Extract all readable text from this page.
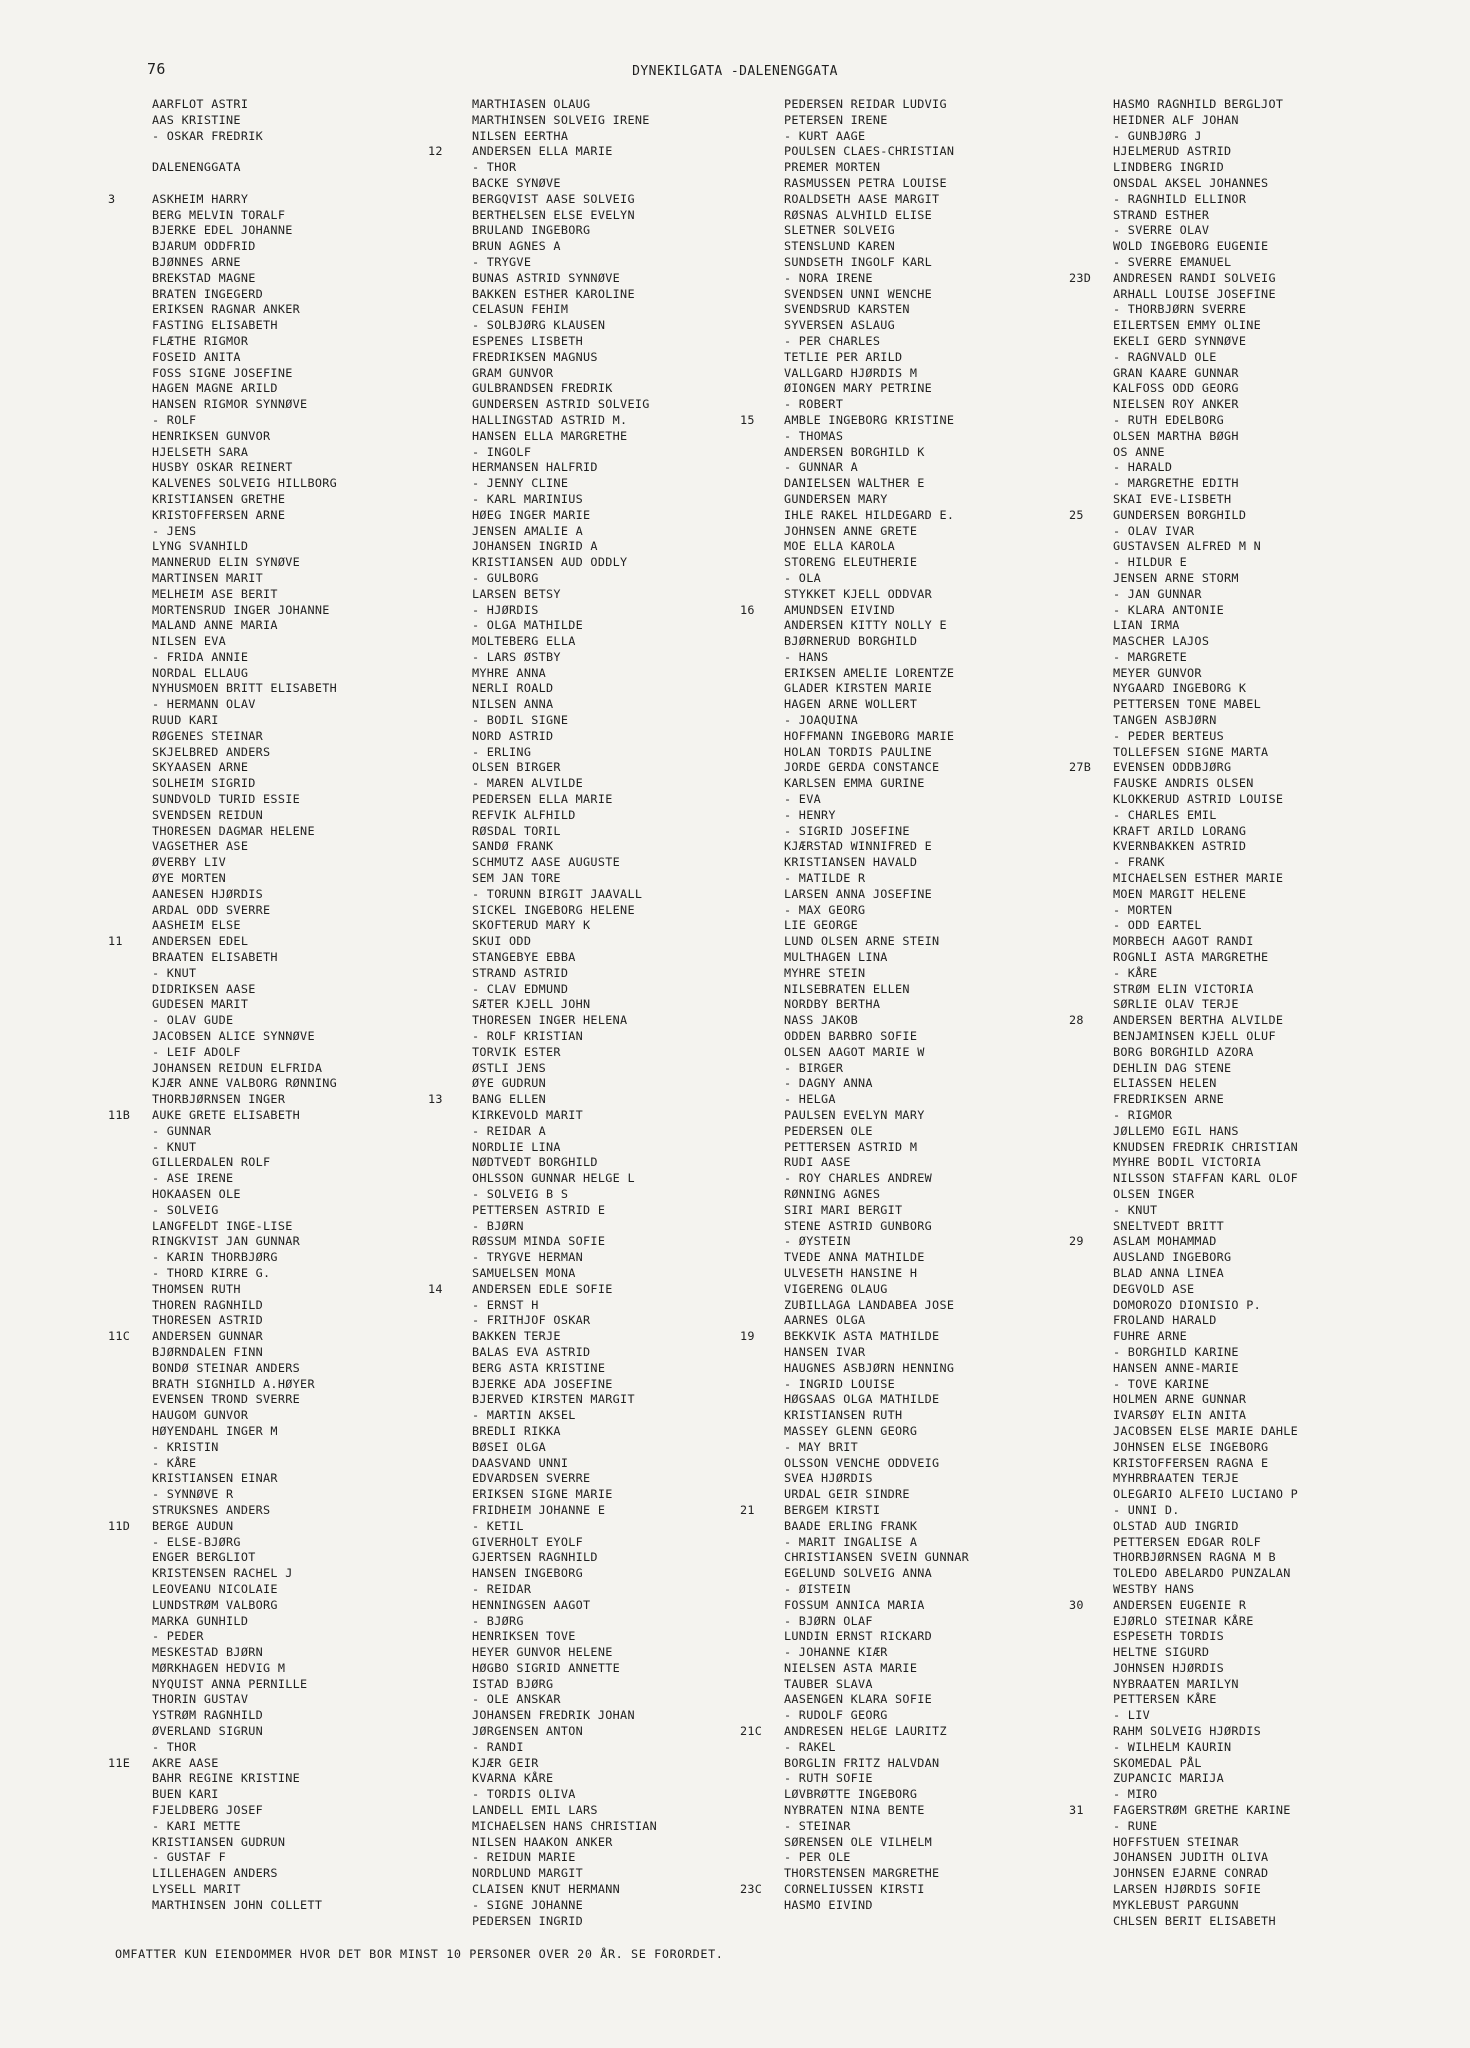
76	DYNEKILGATA -DALENENGGATA
AARFLOT ASTRI
AAS KRISTINE
- OSKAR FREDRIK
DALENENGGATA
3	ASKHEIM HARRY
BERG MELVIN TORALF
BJERKE EDEL JOHANNE
BJARUM ODDFRID
BJØNNES ARNE
BREKSTAD MAGNE
BRATEN INGEGERD
ERIKSEN RAGNAR ANKER
FASTING ELISABETH
FLÆTHE RIGMOR
FOSEID ANITA
FOSS SIGNE JOSEFINE
HAGEN MAGNE ARILD
HANSEN RIGMOR SYNNØVE
- ROLF
HENRIKSEN GUNVOR
HJELSETH SARA
HUSBY OSKAR REINERT
KALVENES SOLVEIG HILLBORG
KRISTIANSEN GRETHE
KRISTOFFERSEN ARNE
- JENS
LYNG SVANHILD
MANNERUD ELIN SYNØVE
MARTINSEN MARIT
MELHEIM ASE BERIT
MORTENSRUD INGER JOHANNE
MALAND ANNE MARIA
NILSEN EVA
- FRIDA ANNIE
NORDAL ELLAUG
NYHUSMOEN BRITT ELISABETH
- HERMANN OLAV
RUUD KARI
RØGENES STEINAR
SKJELBRED ANDERS
SKYAASEN ARNE
SOLHEIM SIGRID
SUNDVOLD TURID ESSIE
SVENDSEN REIDUN
THORESEN DAGMAR HELENE
VAGSETHER ASE
ØVERBY LIV
ØYE MORTEN
AANESEN HJØRDIS
ARDAL ODD SVERRE
AASHEIM ELSE
11	ANDERSEN EDEL
BRAATEN ELISABETH
- KNUT
DIDRIKSEN AASE
GUDESEN MARIT
- OLAV GUDE
JACOBSEN ALICE SYNNØVE
- LEIF ADOLF
JOHANSEN REIDUN ELFRIDA
KJÆR ANNE VALBORG RØNNING
THORBJØRNSEN INGER
11B	AUKE GRETE ELISABETH
- GUNNAR
- KNUT
GILLERDALEN ROLF
- ASE IRENE
HOKAASEN OLE
- SOLVEIG
LANGFELDT INGE-LISE
RINGKVIST JAN GUNNAR
- KARIN THORBJØRG
- THORD KIRRE G.
THOMSEN RUTH
THOREN RAGNHILD
THORESEN ASTRID
11C	ANDERSEN GUNNAR
BJØRNDALEN FINN
BONDØ STEINAR ANDERS
BRATH SIGNHILD A.HØYER
EVENSEN TROND SVERRE
HAUGOM GUNVOR
HØYENDAHL INGER M
- KRISTIN
- KÅRE
KRISTIANSEN EINAR
- SYNNØVE R
STRUKSNES ANDERS
11D	BERGE AUDUN
- ELSE-BJØRG
ENGER BERGLIOT
KRISTENSEN RACHEL J
LEOVEANU NICOLAIE
LUNDSTRØM VALBORG
MARKA GUNHILD
- PEDER
MESKESTAD BJØRN
MØRKHAGEN HEDVIG M
NYQUIST ANNA PERNILLE
THORIN GUSTAV
YSTRØM RAGNHILD
ØVERLAND SIGRUN
- THOR
11E	AKRE AASE
BAHR REGINE KRISTINE
BUEN KARI
FJELDBERG JOSEF
- KARI METTE
KRISTIANSEN GUDRUN
- GUSTAF F
LILLEHAGEN ANDERS
LYSELL MARIT
MARTHINSEN JOHN COLLETT
MARTHIASEN OLAUG
MARTHINSEN SOLVEIG IRENE
NILSEN EERTHA
12	ANDERSEN ELLA MARIE
- THOR
BACKE SYNØVE
BERGQVIST AASE SOLVEIG
BERTHELSEN ELSE EVELYN
BRULAND INGEBORG
BRUN AGNES A
- TRYGVE
BUNAS ASTRID SYNNØVE
BAKKEN ESTHER KAROLINE
CELASUN FEHIM
- SOLBJØRG KLAUSEN
ESPENES LISBETH
FREDRIKSEN MAGNUS
GRAM GUNVOR
GULBRANDSEN FREDRIK
GUNDERSEN ASTRID SOLVEIG
HALLINGSTAD ASTRID M.
HANSEN ELLA MARGRETHE
- INGOLF
HERMANSEN HALFRID
- JENNY CLINE
- KARL MARINIUS
HØEG INGER MARIE
JENSEN AMALIE A
JOHANSEN INGRID A
KRISTIANSEN AUD ODDLY
- GULBORG
LARSEN BETSY
- HJØRDIS
- OLGA MATHILDE
MOLTEBERG ELLA
- LARS ØSTBY
MYHRE ANNA
NERLI ROALD
NILSEN ANNA
- BODIL SIGNE
NORD ASTRID
- ERLING
OLSEN BIRGER
- MAREN ALVILDE
PEDERSEN ELLA MARIE
REFVIK ALFHILD
RØSDAL TORIL
SANDØ FRANK
SCHMUTZ AASE AUGUSTE
SEM JAN TORE
- TORUNN BIRGIT JAAVALL
SICKEL INGEBORG HELENE
SKOFTERUD MARY K
SKUI ODD
STANGEBYE EBBA
STRAND ASTRID
- CLAV EDMUND
SÆTER KJELL JOHN
THORESEN INGER HELENA
- ROLF KRISTIAN
TORVIK ESTER
ØSTLI JENS
ØYE GUDRUN
13	BANG ELLEN
KIRKEVOLD MARIT
- REIDAR A
NORDLIE LINA
NØDTVEDT BORGHILD
OHLSSON GUNNAR HELGE L
- SOLVEIG B S
PETTERSEN ASTRID E
- BJØRN
RØSSUM MINDA SOFIE
- TRYGVE HERMAN
SAMUELSEN MONA
14	ANDERSEN EDLE SOFIE
- ERNST H
- FRITHJOF OSKAR
BAKKEN TERJE
BALAS EVA ASTRID
BERG ASTA KRISTINE
BJERKE ADA JOSEFINE
BJERVED KIRSTEN MARGIT
- MARTIN AKSEL
BREDLI RIKKA
BØSEI OLGA
DAASVAND UNNI
EDVARDSEN SVERRE
ERIKSEN SIGNE MARIE
FRIDHEIM JOHANNE E
- KETIL
GIVERHOLT EYOLF
GJERTSEN RAGNHILD
HANSEN INGEBORG
- REIDAR
HENNINGSEN AAGOT
- BJØRG
HENRIKSEN TOVE
HEYER GUNVOR HELENE
HØGBO SIGRID ANNETTE
ISTAD BJØRG
- OLE ANSKAR
JOHANSEN FREDRIK JOHAN
JØRGENSEN ANTON
- RANDI
KJÆR GEIR
KVARNA KÅRE
- TORDIS OLIVA
LANDELL EMIL LARS
MICHAELSEN HANS CHRISTIAN
NILSEN HAAKON ANKER
- REIDUN MARIE
NORDLUND MARGIT
CLAISEN KNUT HERMANN
- SIGNE JOHANNE
PEDERSEN INGRID
PEDERSEN REIDAR LUDVIG
PETERSEN IRENE
- KURT AAGE
POULSEN CLAES-CHRISTIAN
PREMER MORTEN
RASMUSSEN PETRA LOUISE
ROALDSETH AASE MARGIT
RØSNAS ALVHILD ELISE
SLETNER SOLVEIG
STENSLUND KAREN
SUNDSETH INGOLF KARL
- NORA IRENE
SVENDSEN UNNI WENCHE
SVENDSRUD KARSTEN
SYVERSEN ASLAUG
- PER CHARLES
TETLIE PER ARILD
VALLGARD HJØRDIS M
ØIONGEN MARY PETRINE
- ROBERT
15	AMBLE INGEBORG KRISTINE
- THOMAS
ANDERSEN BORGHILD K
- GUNNAR A
DANIELSEN WALTHER E
GUNDERSEN MARY
IHLE RAKEL HILDEGARD E.
JOHNSEN ANNE GRETE
MOE ELLA KAROLA
STORENG ELEUTHERIE
- OLA
STYKKET KJELL ODDVAR
16	AMUNDSEN EIVIND
ANDERSEN KITTY NOLLY E
BJØRNERUD BORGHILD
- HANS
ERIKSEN AMELIE LORENTZE
GLADER KIRSTEN MARIE
HAGEN ARNE WOLLERT
- JOAQUINA
HOFFMANN INGEBORG MARIE
HOLAN TORDIS PAULINE
JORDE GERDA CONSTANCE
KARLSEN EMMA GURINE
- EVA
- HENRY
- SIGRID JOSEFINE
KJÆRSTAD WINNIFRED E
KRISTIANSEN HAVALD
- MATILDE R
LARSEN ANNA JOSEFINE
- MAX GEORG
LIE GEORGE
LUND OLSEN ARNE STEIN
MULTHAGEN LINA
MYHRE STEIN
NILSEBRATEN ELLEN
NORDBY BERTHA
NASS JAKOB
ODDEN BARBRO SOFIE
OLSEN AAGOT MARIE W
- BIRGER
- DAGNY ANNA
- HELGA
PAULSEN EVELYN MARY
PEDERSEN OLE
PETTERSEN ASTRID M
RUDI AASE
- ROY CHARLES ANDREW
RØNNING AGNES
SIRI MARI BERGIT
STENE ASTRID GUNBORG
- ØYSTEIN
TVEDE ANNA MATHILDE
ULVESETH HANSINE H
VIGERENG OLAUG
ZUBILLAGA LANDABEA JOSE
AARNES OLGA
19	BEKKVIK ASTA MATHILDE
HANSEN IVAR
HAUGNES ASBJØRN HENNING
- INGRID LOUISE
HØGSAAS OLGA MATHILDE
KRISTIANSEN RUTH
MASSEY GLENN GEORG
- MAY BRIT
OLSSON VENCHE ODDVEIG
SVEA HJØRDIS
URDAL GEIR SINDRE
21	BERGEM KIRSTI
BAADE ERLING FRANK
- MARIT INGALISE A
CHRISTIANSEN SVEIN GUNNAR
EGELUND SOLVEIG ANNA
- ØISTEIN
FOSSUM ANNICA MARIA
- BJØRN OLAF
LUNDIN ERNST RICKARD
- JOHANNE KIÆR
NIELSEN ASTA MARIE
TAUBER SLAVA
AASENGEN KLARA SOFIE
- RUDOLF GEORG
21C	ANDRESEN HELGE LAURITZ
- RAKEL
BORGLIN FRITZ HALVDAN
- RUTH SOFIE
LØVBRØTTE INGEBORG
NYBRATEN NINA BENTE
- STEINAR
SØRENSEN OLE VILHELM
- PER OLE
THORSTENSEN MARGRETHE
23C	CORNELIUSSEN KIRSTI
HASMO EIVIND
HASMO RAGNHILD BERGLJOT
HEIDNER ALF JOHAN
- GUNBJØRG J
HJELMERUD ASTRID
LINDBERG INGRID
ONSDAL AKSEL JOHANNES
- RAGNHILD ELLINOR
STRAND ESTHER
- SVERRE OLAV
WOLD INGEBORG EUGENIE
- SVERRE EMANUEL
23D	ANDRESEN RANDI SOLVEIG
ARHALL LOUISE JOSEFINE
- THORBJØRN SVERRE
EILERTSEN EMMY OLINE
EKELI GERD SYNNØVE
- RAGNVALD OLE
GRAN KAARE GUNNAR
KALFOSS ODD GEORG
NIELSEN ROY ANKER
- RUTH EDELBORG
OLSEN MARTHA BØGH
OS ANNE
- HARALD
- MARGRETHE EDITH
SKAI EVE-LISBETH
25	GUNDERSEN BORGHILD
- OLAV IVAR
GUSTAVSEN ALFRED M N
- HILDUR E
JENSEN ARNE STORM
- JAN GUNNAR
- KLARA ANTONIE
LIAN IRMA
MASCHER LAJOS
- MARGRETE
MEYER GUNVOR
NYGAARD INGEBORG K
PETTERSEN TONE MABEL
TANGEN ASBJØRN
- PEDER BERTEUS
TOLLEFSEN SIGNE MARTA
27B	EVENSEN ODDBJØRG
FAUSKE ANDRIS OLSEN
KLOKKERUD ASTRID LOUISE
- CHARLES EMIL
KRAFT ARILD LORANG
KVERNBAKKEN ASTRID
- FRANK
MICHAELSEN ESTHER MARIE
MOEN MARGIT HELENE
- MORTEN
- ODD EARTEL
MORBECH AAGOT RANDI
ROGNLI ASTA MARGRETHE
- KÅRE
STRØM ELIN VICTORIA
SØRLIE OLAV TERJE
28	ANDERSEN BERTHA ALVILDE
BENJAMINSEN KJELL OLUF
BORG BORGHILD AZORA
DEHLIN DAG STENE
ELIASSEN HELEN
FREDRIKSEN ARNE
- RIGMOR
JØLLEMO EGIL HANS
KNUDSEN FREDRIK CHRISTIAN
MYHRE BODIL VICTORIA
NILSSON STAFFAN KARL OLOF
OLSEN INGER
- KNUT
SNELTVEDT BRITT
29	ASLAM MOHAMMAD
AUSLAND INGEBORG
BLAD ANNA LINEA
DEGVOLD ASE
DOMOROZO DIONISIO P.
FROLAND HARALD
FUHRE ARNE
- BORGHILD KARINE
HANSEN ANNE-MARIE
- TOVE KARINE
HOLMEN ARNE GUNNAR
IVARSØY ELIN ANITA
JACOBSEN ELSE MARIE DAHLE
JOHNSEN ELSE INGEBORG
KRISTOFFERSEN RAGNA E
MYHRBRAATEN TERJE
OLEGARIO ALFEIO LUCIANO P
- UNNI D.
OLSTAD AUD INGRID
PETTERSEN EDGAR ROLF
THORBJØRNSEN RAGNA M B
TOLEDO ABELARDO PUNZALAN
WESTBY HANS
30	ANDERSEN EUGENIE R
EJØRLO STEINAR KÅRE
ESPESETH TORDIS
HELTNE SIGURD
JOHNSEN HJØRDIS
NYBRAATEN MARILYN
PETTERSEN KÅRE
- LIV
RAHM SOLVEIG HJØRDIS
- WILHELM KAURIN
SKOMEDAL PÅL
ZUPANCIC MARIJA
- MIRO
31	FAGERSTRØM GRETHE KARINE
- RUNE
HOFFSTUEN STEINAR
JOHANSEN JUDITH OLIVA
JOHNSEN EJARNE CONRAD
LARSEN HJØRDIS SOFIE
MYKLEBUST PARGUNN
CHLSEN BERIT ELISABETH
OMFATTER KUN EIENDOMMER HVOR DET BOR MINST 10 PERSONER OVER 20 ÅR. SE FORORDET.
